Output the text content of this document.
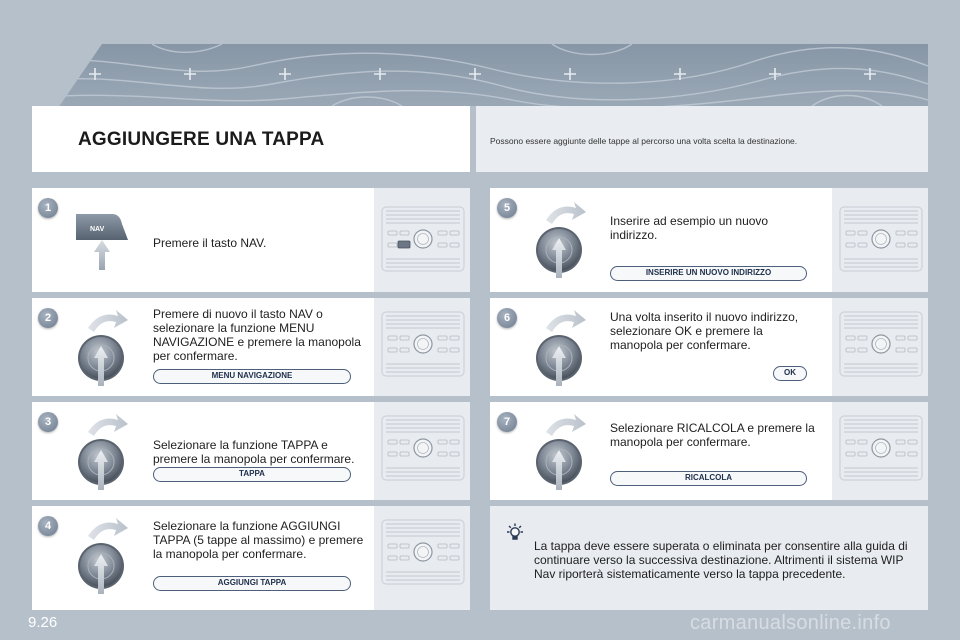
AGGIUNGERE UNA TAPPA	Possono essere aggiunte delle tappe al percorso una volta scelta la destinazione.
1
NAV
Premere il tasto NAV.
2	Premere di nuovo il tasto NAV o selezionare la funzione MENU NAVIGAZIONE e premere la manopola per confermare.
MENU NAVIGAZIONE
3
Selezionare la funzione TAPPA e premere la manopola per confermare.
TAPPA
4	Selezionare la funzione AGGIUNGI TAPPA (5 tappe al massimo) e premere la manopola per confermare.
AGGIUNGI TAPPA
5
Inserire ad esempio un nuovo indirizzo.
INSERIRE UN NUOVO INDIRIZZO
6	Una volta inserito il nuovo indirizzo, selezionare OK e premere la manopola per confermare.
OK
7	Selezionare RICALCOLA e premere la manopola per confermare.
RICALCOLA
La tappa deve essere superata o eliminata per consentire alla guida di continuare verso la successiva destinazione. Altrimenti il sistema WIP Nav riporterà sistematicamente verso la tappa precedente.
9.26	carmanualsonline.info
